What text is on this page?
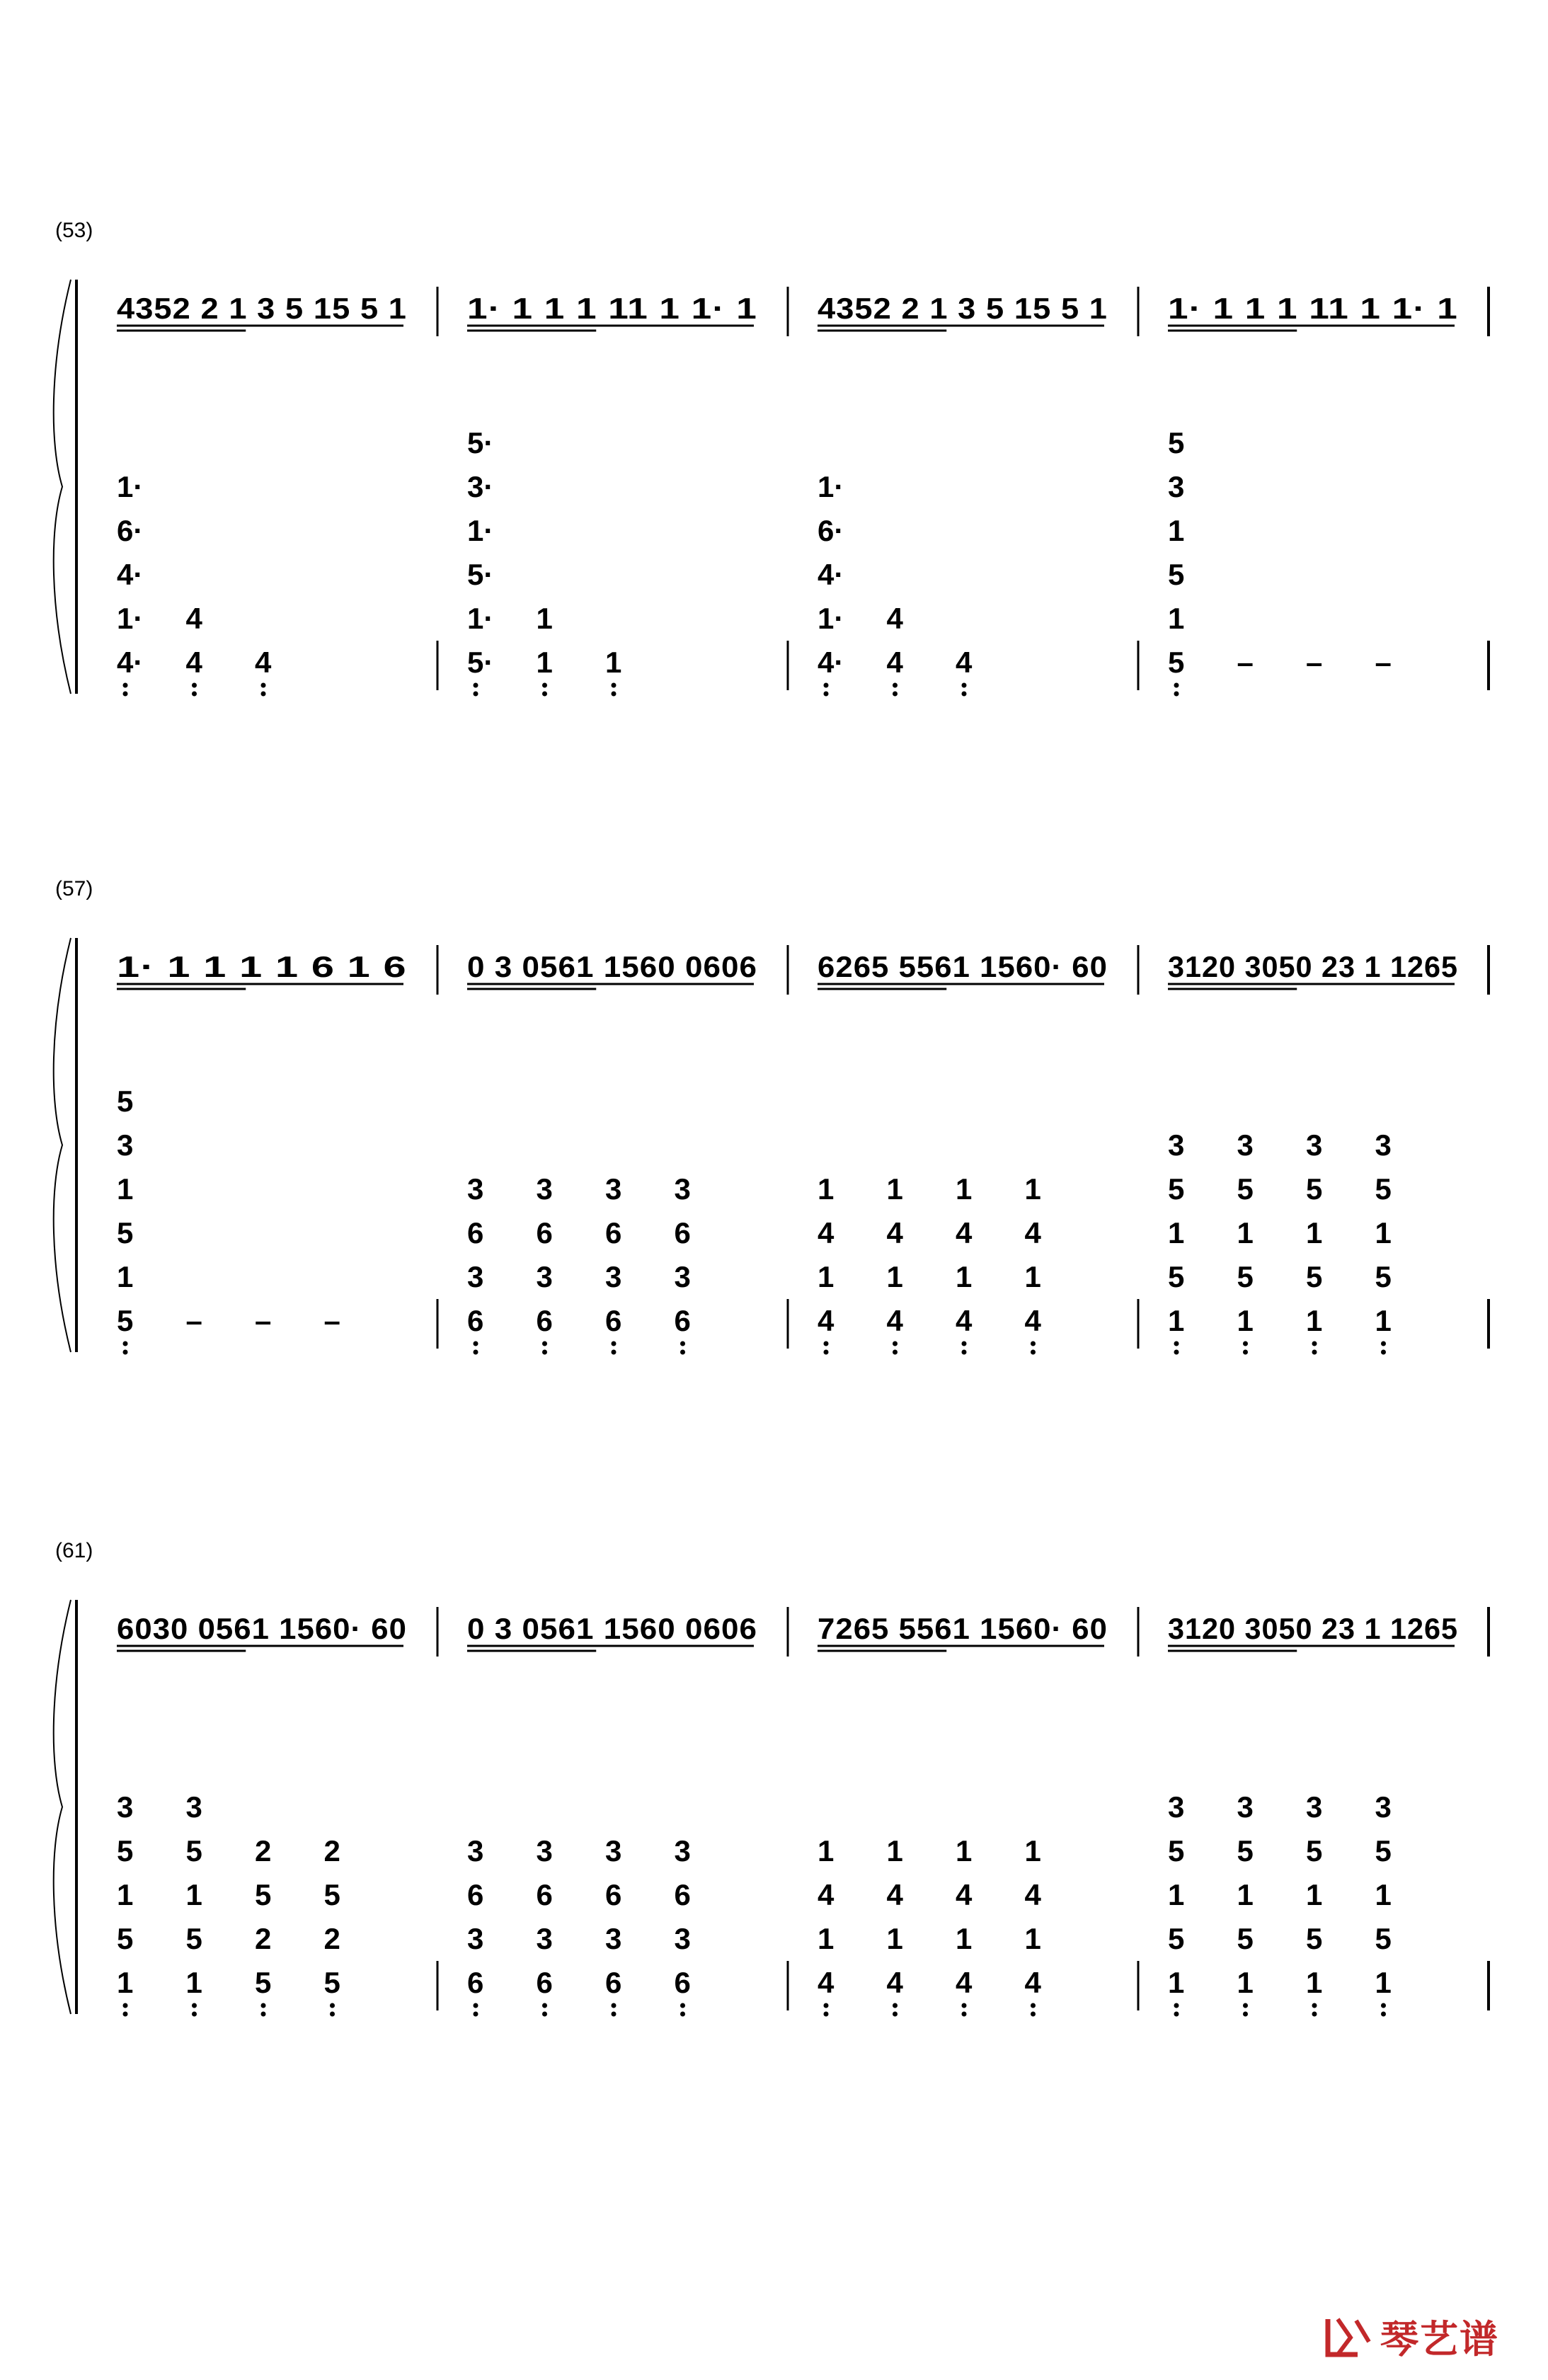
(53)
4352 2 1 3 5 15 5 1
1·
6·
4·
1·
4·
4
4 4
1· 1 1 1 11 1 1· 1
5·
3·
1·
5·
1·
5·
1
1 1
4352 2 1 3 5 15 5 1
1·
6·
4·
1·
4·
4
4 4
1· 1 1 1 11 1 1· 1
5
3
1
5
1
5 – – –
(57)
1· 1 1 1 1 6 1 6
5
3
1
5
1
5 – – –
0 3 0561 1560 0606
3
6
3
6
3
6
3
6
3
6
3
6
3
6
3
6
6265 5561 1560· 60
1
4
1
4
1
4
1
4
1
4
1
4
1
4
1
4
3120 3050 23 1 1265
3
5
1
5
1
3
5
1
5
1
3
5
1
5
1
3
5
1
5
1
(61)
6030 0561 1560· 60
3
5
1
5
1
3
5
1
5
1
2
5
2
5
2
5
2
5
0 3 0561 1560 0606
3
6
3
6
3
6
3
6
3
6
3
6
3
6
3
6
7265 5561 1560· 60
1
4
1
4
1
4
1
4
1
4
1
4
1
4
1
4
3120 3050 23 1 1265
3
5
1
5
1
3
5
1
5
1
3
5
1
5
1
3
5
1
5
1
琴艺谱
